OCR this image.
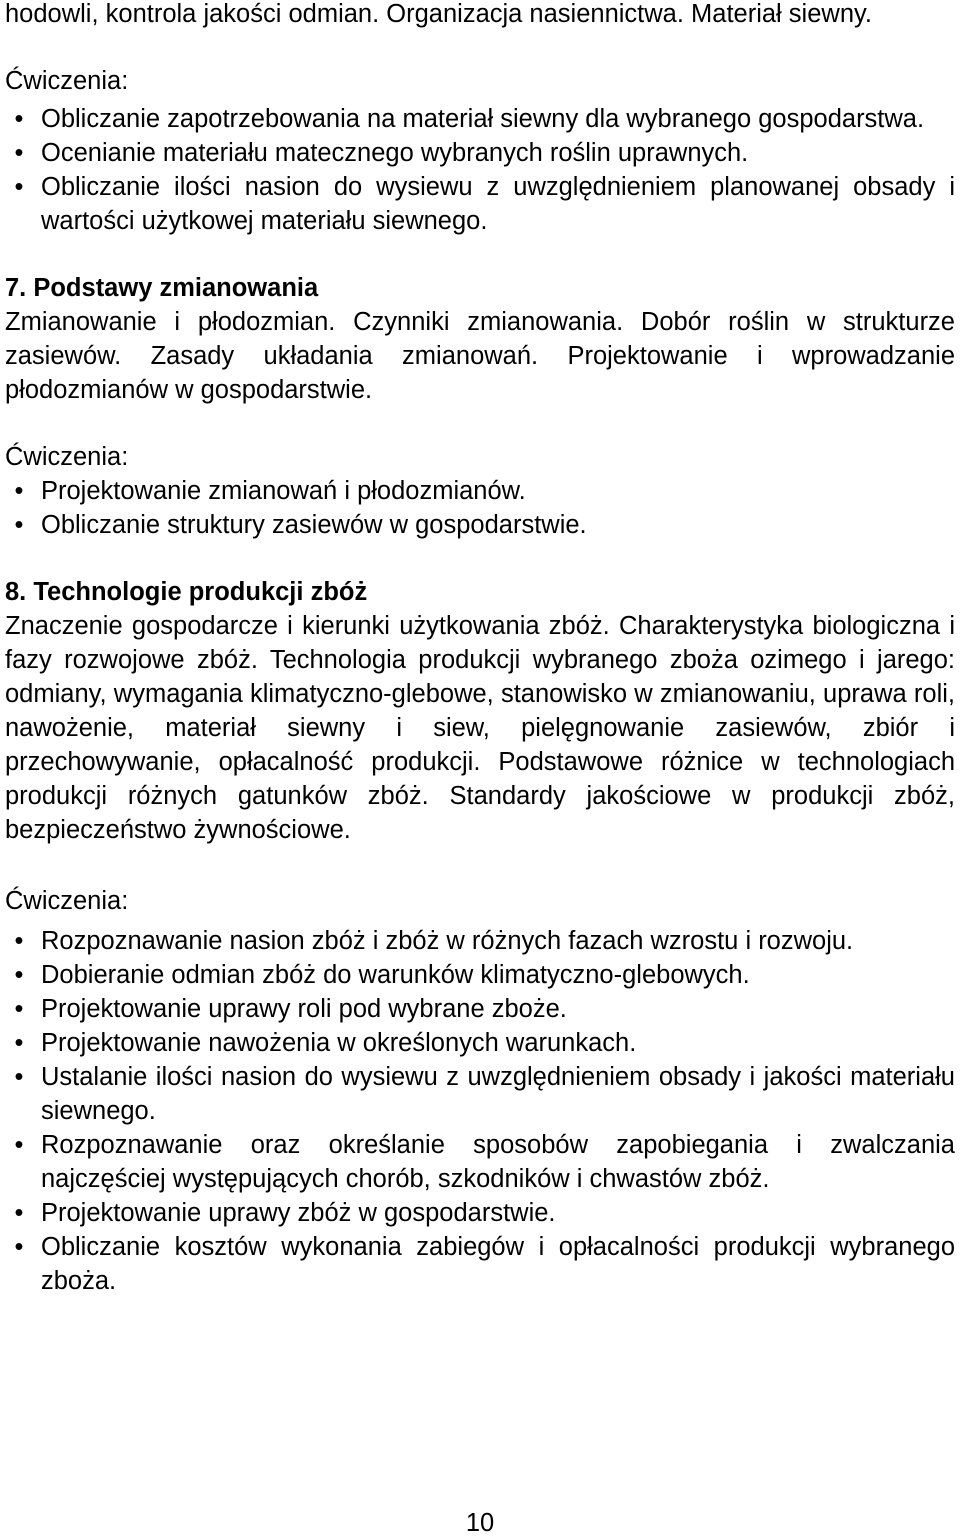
hodowli, kontrola jakości odmian. Organizacja nasiennictwa. Materiał siewny.

Ćwiczenia:

• Obliczanie zapotrzebowania na materiał siewny dla wybranego gospodarstwa.
• Ocenianie materiału matecznego wybranych roślin uprawnych.
• Obliczanie ilości nasion do wysiewu z uwzględnieniem planowanej obsady i wartości użytkowej materiału siewnego.
7. Podstawy zmianowania

Zmianowanie i płodozmian. Czynniki zmianowania. Dobór roślin w strukturze zasiewów. Zasady układania zmianowań. Projektowanie i wprowadzanie płodozmianów w gospodarstwie.

Ćwiczenia:

• Projektowanie zmianowań i płodozmianów.
• Obliczanie struktury zasiewów w gospodarstwie.
8. Technologie produkcji zbóż

Znaczenie gospodarcze i kierunki użytkowania zbóż. Charakterystyka biologiczna i fazy rozwojowe zbóż. Technologia produkcji wybranego zboża ozimego i jarego: odmiany, wymagania klimatyczno-glebowe, stanowisko w zmianowaniu, uprawa roli, nawożenie, materiał siewny i siew, pielęgnowanie zasiewów, zbiór i przechowywanie, opłacalność produkcji. Podstawowe różnice w technologiach produkcji różnych gatunków zbóż. Standardy jakościowe w produkcji zbóż, bezpieczeństwo żywnościowe.

Ćwiczenia:

• Rozpoznawanie nasion zbóż i zbóż w różnych fazach wzrostu i rozwoju.
• Dobieranie odmian zbóż do warunków klimatyczno-glebowych.
• Projektowanie uprawy roli pod wybrane zboże.
• Projektowanie nawożenia w określonych warunkach.
• Ustalanie ilości nasion do wysiewu z uwzględnieniem obsady i jakości materiału siewnego.
• Rozpoznawanie oraz określanie sposobów zapobiegania i zwalczania najczęściej występujących chorób, szkodników i chwastów zbóż.
• Projektowanie uprawy zbóż w gospodarstwie.
• Obliczanie kosztów wykonania zabiegów i opłacalności produkcji wybranego zboża.
10
